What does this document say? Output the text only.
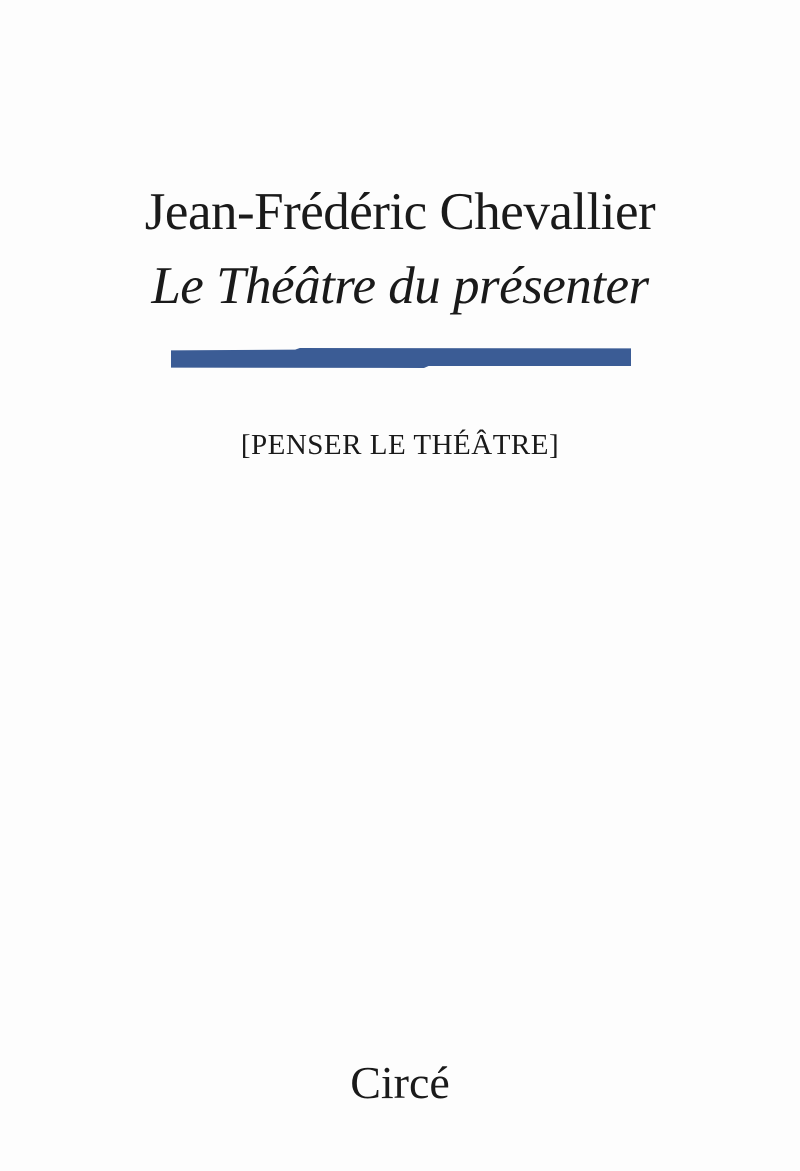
Jean-Frédéric Chevallier
Le Théâtre du présenter
[PENSER LE THÉÂTRE]
Circé
